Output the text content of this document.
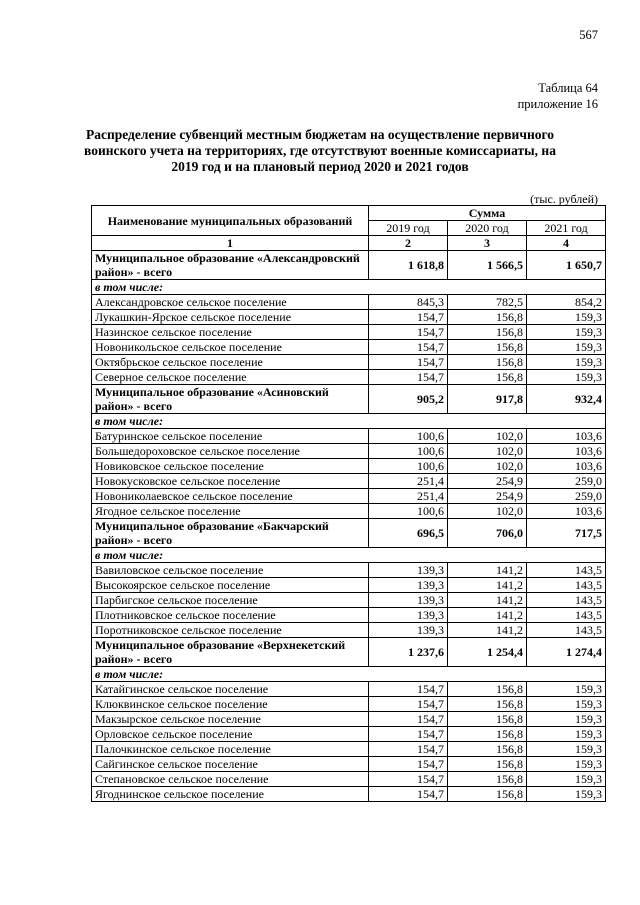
567
Таблица 64
приложение 16
Распределение субвенций местным бюджетам на осуществление первичного воинского учета на территориях, где отсутствуют военные комиссариаты, на 2019 год и на плановый период 2020 и 2021 годов
(тыс. рублей)
Наименование муниципальных образований	Сумма		
	2019 год	2020 год	2021 год
1	2	3	4
Муниципальное образование «Александровский район» - всего	1 618,8	1 566,5	1 650,7
в том числе:			
Александровское сельское поселение	845,3	782,5	854,2
Лукашкин-Ярское сельское поселение	154,7	156,8	159,3
Назинское сельское поселение	154,7	156,8	159,3
Новоникольское сельское поселение	154,7	156,8	159,3
Октябрьское сельское поселение	154,7	156,8	159,3
Северное сельское поселение	154,7	156,8	159,3
Муниципальное образование «Асиновский район» - всего	905,2	917,8	932,4
в том числе:			
Батуринское сельское поселение	100,6	102,0	103,6
Большедороховское сельское поселение	100,6	102,0	103,6
Новиковское сельское поселение	100,6	102,0	103,6
Новокусковское сельское поселение	251,4	254,9	259,0
Новониколаевское сельское поселение	251,4	254,9	259,0
Ягодное сельское поселение	100,6	102,0	103,6
Муниципальное образование «Бакчарский район» - всего	696,5	706,0	717,5
в том числе:			
Вавиловское сельское поселение	139,3	141,2	143,5
Высокоярское сельское поселение	139,3	141,2	143,5
Парбигское сельское поселение	139,3	141,2	143,5
Плотниковское сельское поселение	139,3	141,2	143,5
Поротниковское сельское поселение	139,3	141,2	143,5
Муниципальное образование «Верхнекетский район» - всего	1 237,6	1 254,4	1 274,4
в том числе:			
Катайгинское сельское поселение	154,7	156,8	159,3
Клюквинское сельское поселение	154,7	156,8	159,3
Макзырское сельское поселение	154,7	156,8	159,3
Орловское сельское поселение	154,7	156,8	159,3
Палочкинское сельское поселение	154,7	156,8	159,3
Сайгинское сельское поселение	154,7	156,8	159,3
Степановское сельское поселение	154,7	156,8	159,3
Ягоднинское сельское поселение	154,7	156,8	159,3
